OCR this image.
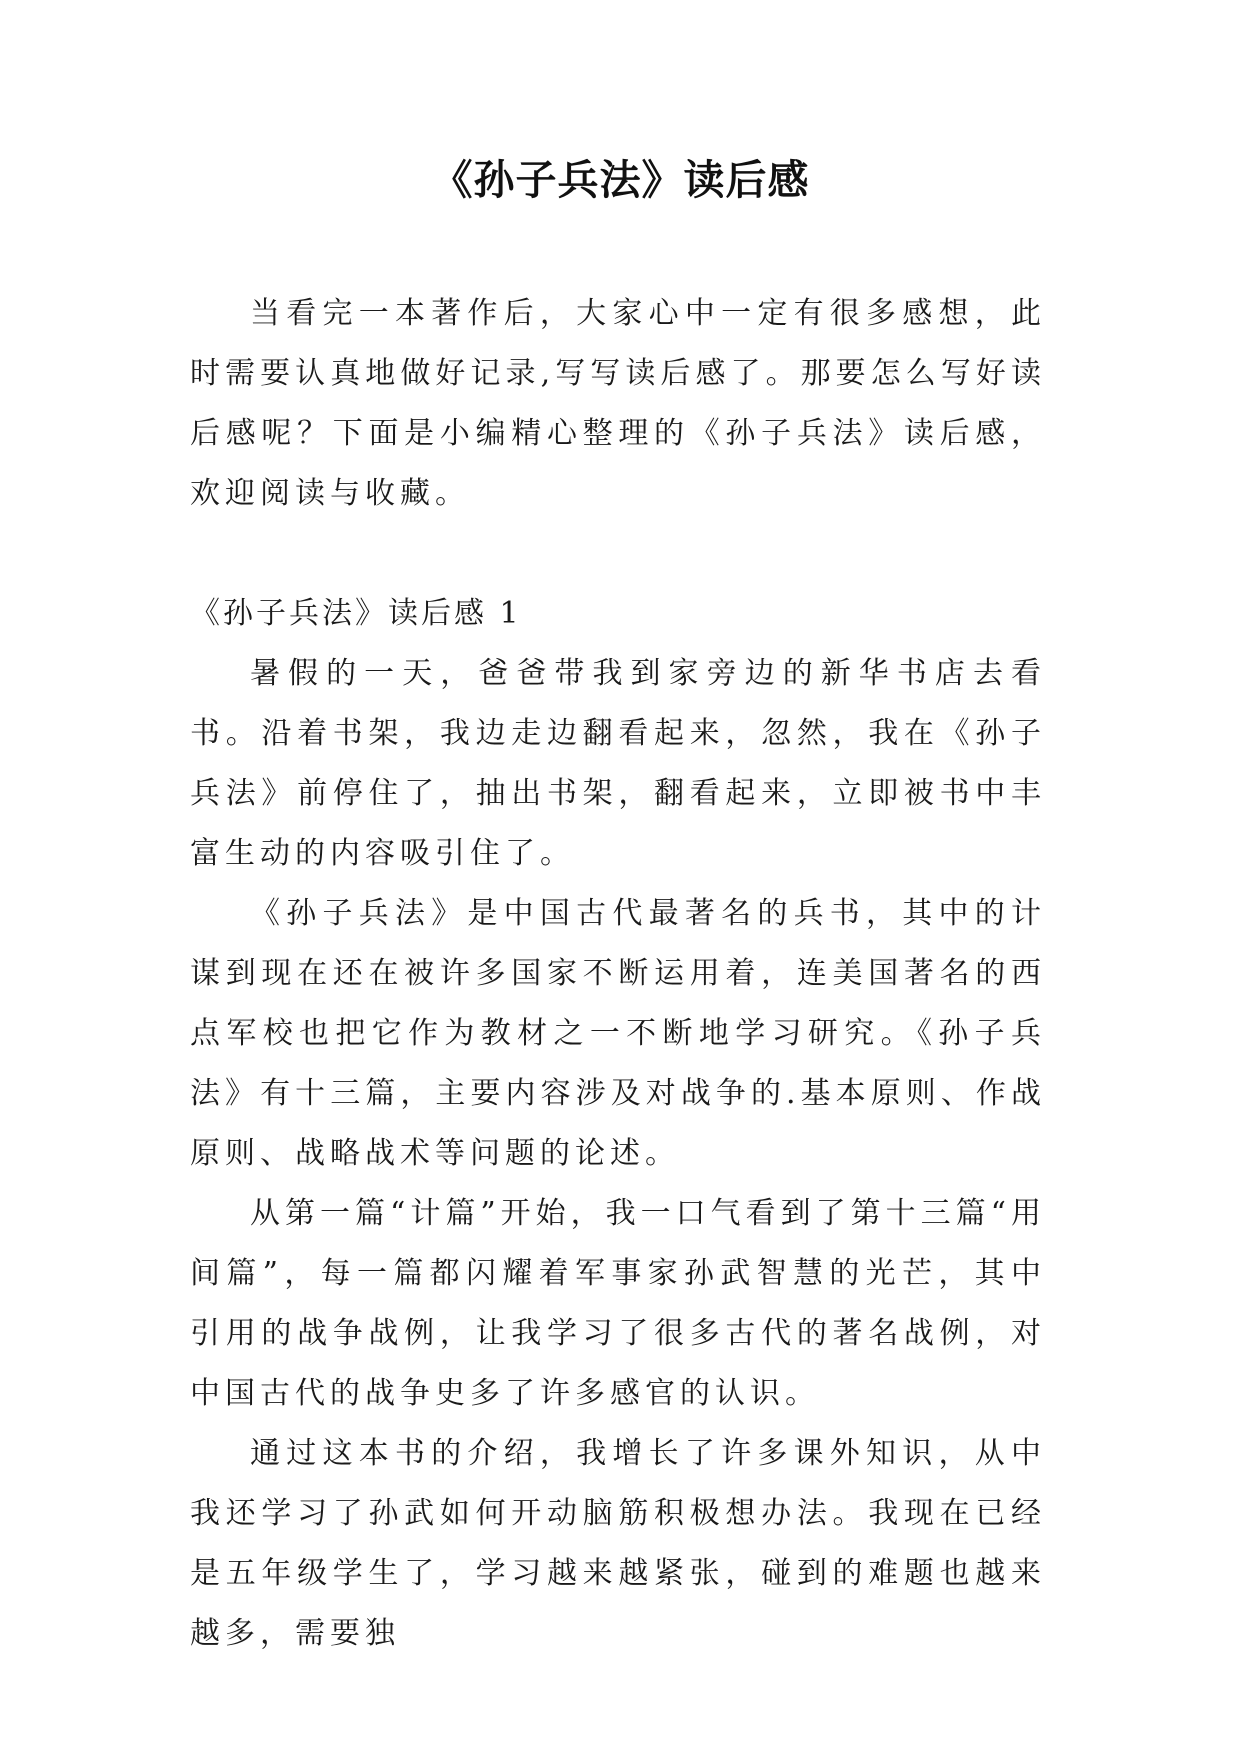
《孙子兵法》读后感

当看完一本著作后，大家心中一定有很多感想，此时需要认真地做好记录,写写读后感了。那要怎么写好读后感呢？下面是小编精心整理的《孙子兵法》读后感，欢迎阅读与收藏。

《孙子兵法》读后感 1

暑假的一天，爸爸带我到家旁边的新华书店去看书。沿着书架，我边走边翻看起来，忽然，我在《孙子兵法》前停住了，抽出书架，翻看起来，立即被书中丰富生动的内容吸引住了。

《孙子兵法》是中国古代最著名的兵书，其中的计谋到现在还在被许多国家不断运用着，连美国著名的西点军校也把它作为教材之一不断地学习研究。《孙子兵法》有十三篇，主要内容涉及对战争的.基本原则、作战原则、战略战术等问题的论述。

从第一篇“计篇”开始，我一口气看到了第十三篇“用间篇”，每一篇都闪耀着军事家孙武智慧的光芒，其中引用的战争战例，让我学习了很多古代的著名战例，对中国古代的战争史多了许多感官的认识。

通过这本书的介绍，我增长了许多课外知识，从中我还学习了孙武如何开动脑筋积极想办法。我现在已经是五年级学生了，学习越来越紧张，碰到的难题也越来越多，需要独
